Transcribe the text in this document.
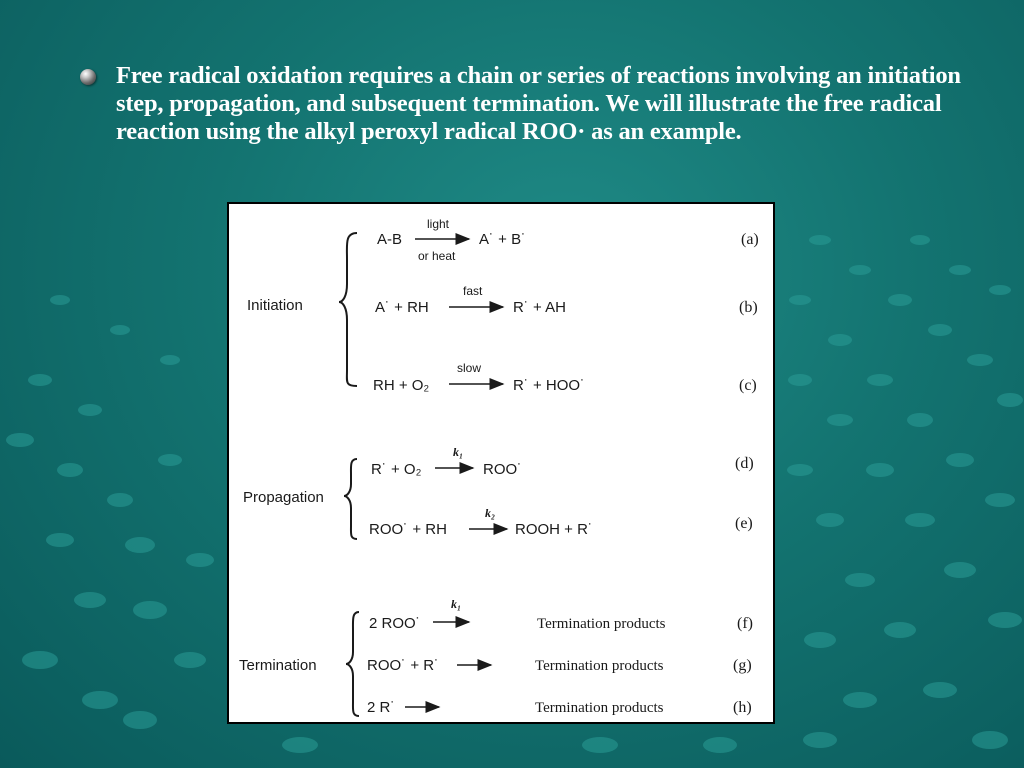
Free radical oxidation requires a chain or series of reactions involving an initiation step, propagation, and subsequent termination. We will illustrate the free radical reaction using the alkyl peroxyl radical ROO· as an example.
Initiation
Propagation
Termination
A-B
light
or heat
A˙ + B˙	(a)
A˙ + RH
fast
R˙ + AH	(b)
RH + O₂
slow
R˙ + HOO˙	(c)
R˙ + O₂
k₁
ROO˙	(d)
ROO˙ + RH
k₂
ROOH + R˙	(e)
2 ROO˙
k₁
Termination products	(f)
ROO˙ + R˙	Termination products	(g)
2 R˙	Termination products	(h)
